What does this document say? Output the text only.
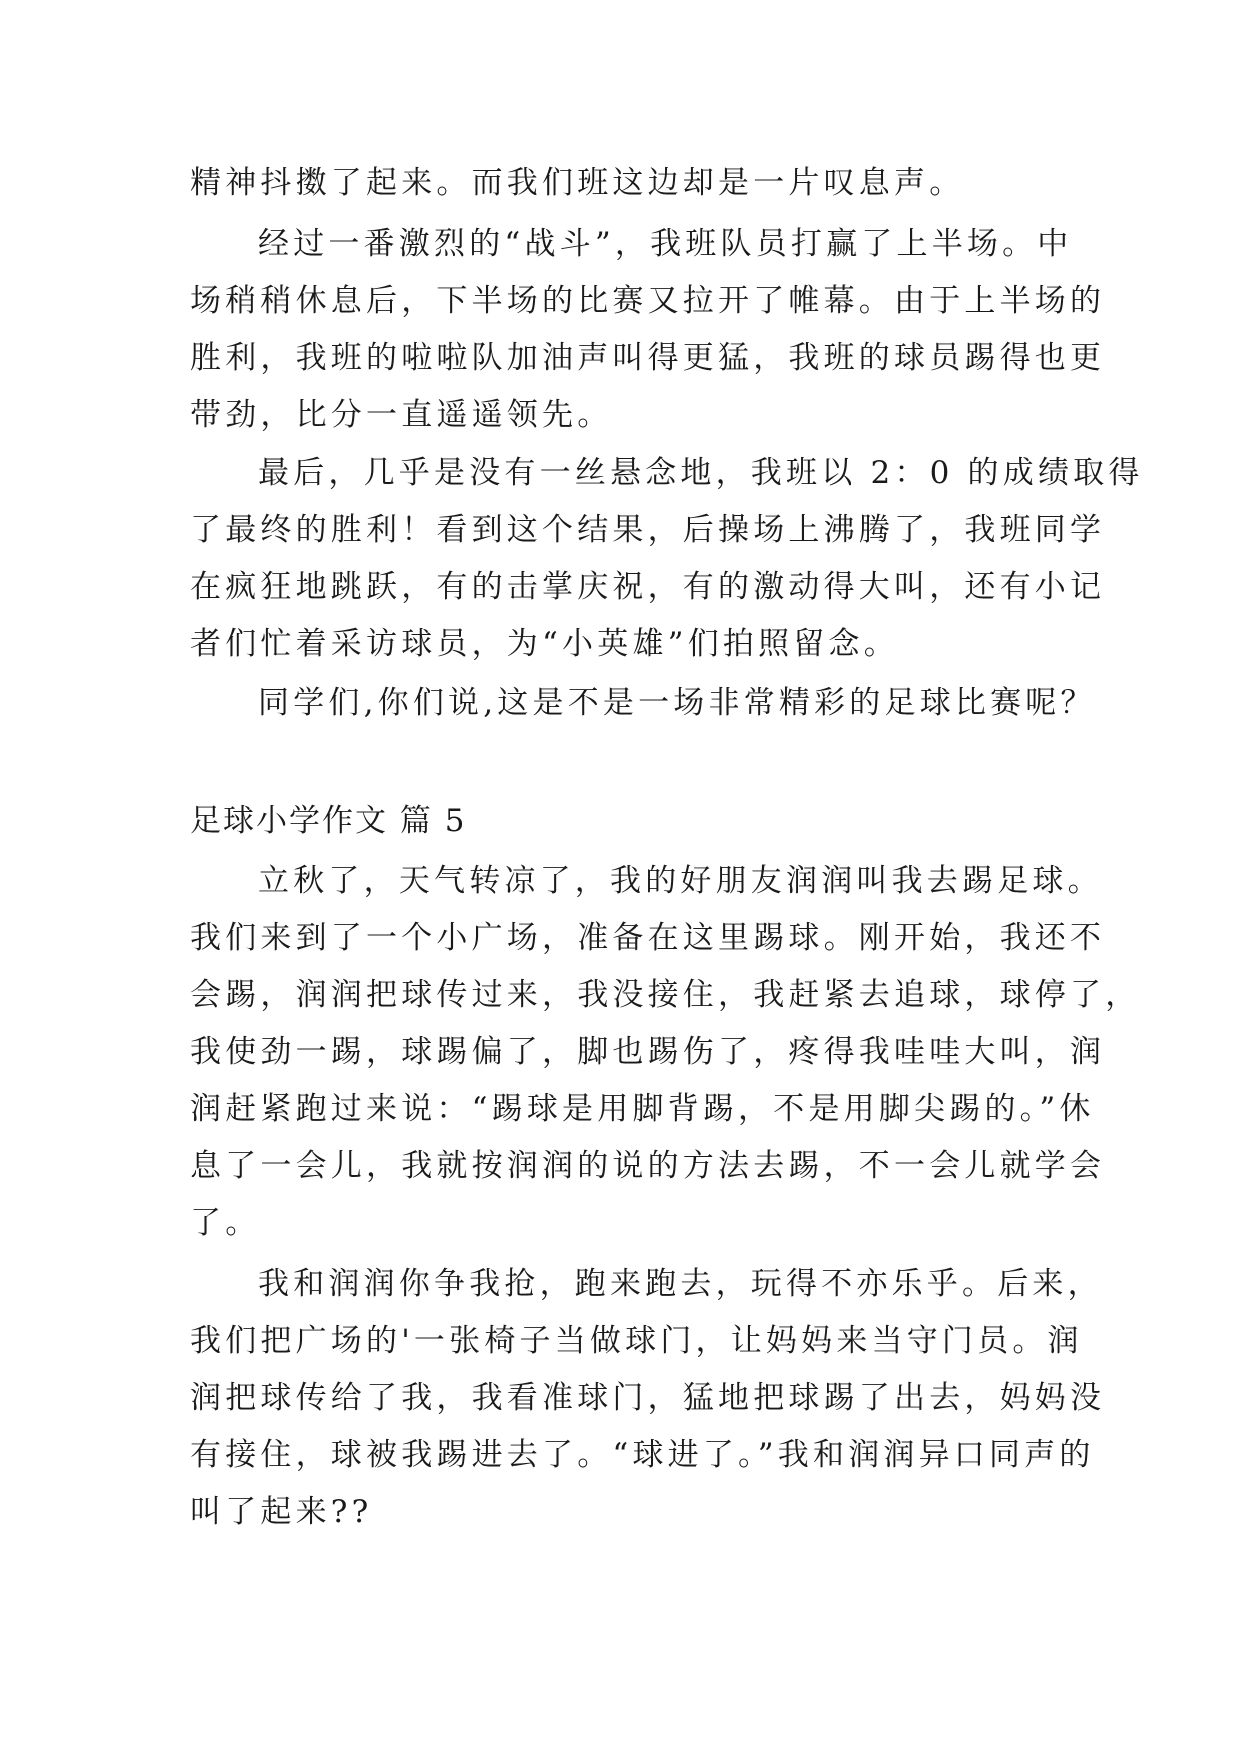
精神抖擞了起来。而我们班这边却是一片叹息声。

经过一番激烈的“战斗”，我班队员打赢了上半场。中

场稍稍休息后，下半场的比赛又拉开了帷幕。由于上半场的

胜利，我班的啦啦队加油声叫得更猛，我班的球员踢得也更

带劲，比分一直遥遥领先。

最后，几乎是没有一丝悬念地，我班以 2：0 的成绩取得

了最终的胜利！看到这个结果，后操场上沸腾了，我班同学

在疯狂地跳跃，有的击掌庆祝，有的激动得大叫，还有小记

者们忙着采访球员，为“小英雄”们拍照留念。

同学们,你们说,这是不是一场非常精彩的足球比赛呢？

足球小学作文 篇 5

立秋了，天气转凉了，我的好朋友润润叫我去踢足球。

我们来到了一个小广场，准备在这里踢球。刚开始，我还不

会踢，润润把球传过来，我没接住，我赶紧去追球，球停了，

我使劲一踢，球踢偏了，脚也踢伤了，疼得我哇哇大叫，润

润赶紧跑过来说：“踢球是用脚背踢，不是用脚尖踢的。”休

息了一会儿，我就按润润的说的方法去踢，不一会儿就学会

了。

我和润润你争我抢，跑来跑去，玩得不亦乐乎。后来，

我们把广场的'一张椅子当做球门，让妈妈来当守门员。润

润把球传给了我，我看准球门，猛地把球踢了出去，妈妈没

有接住，球被我踢进去了。“球进了。”我和润润异口同声的

叫了起来??
